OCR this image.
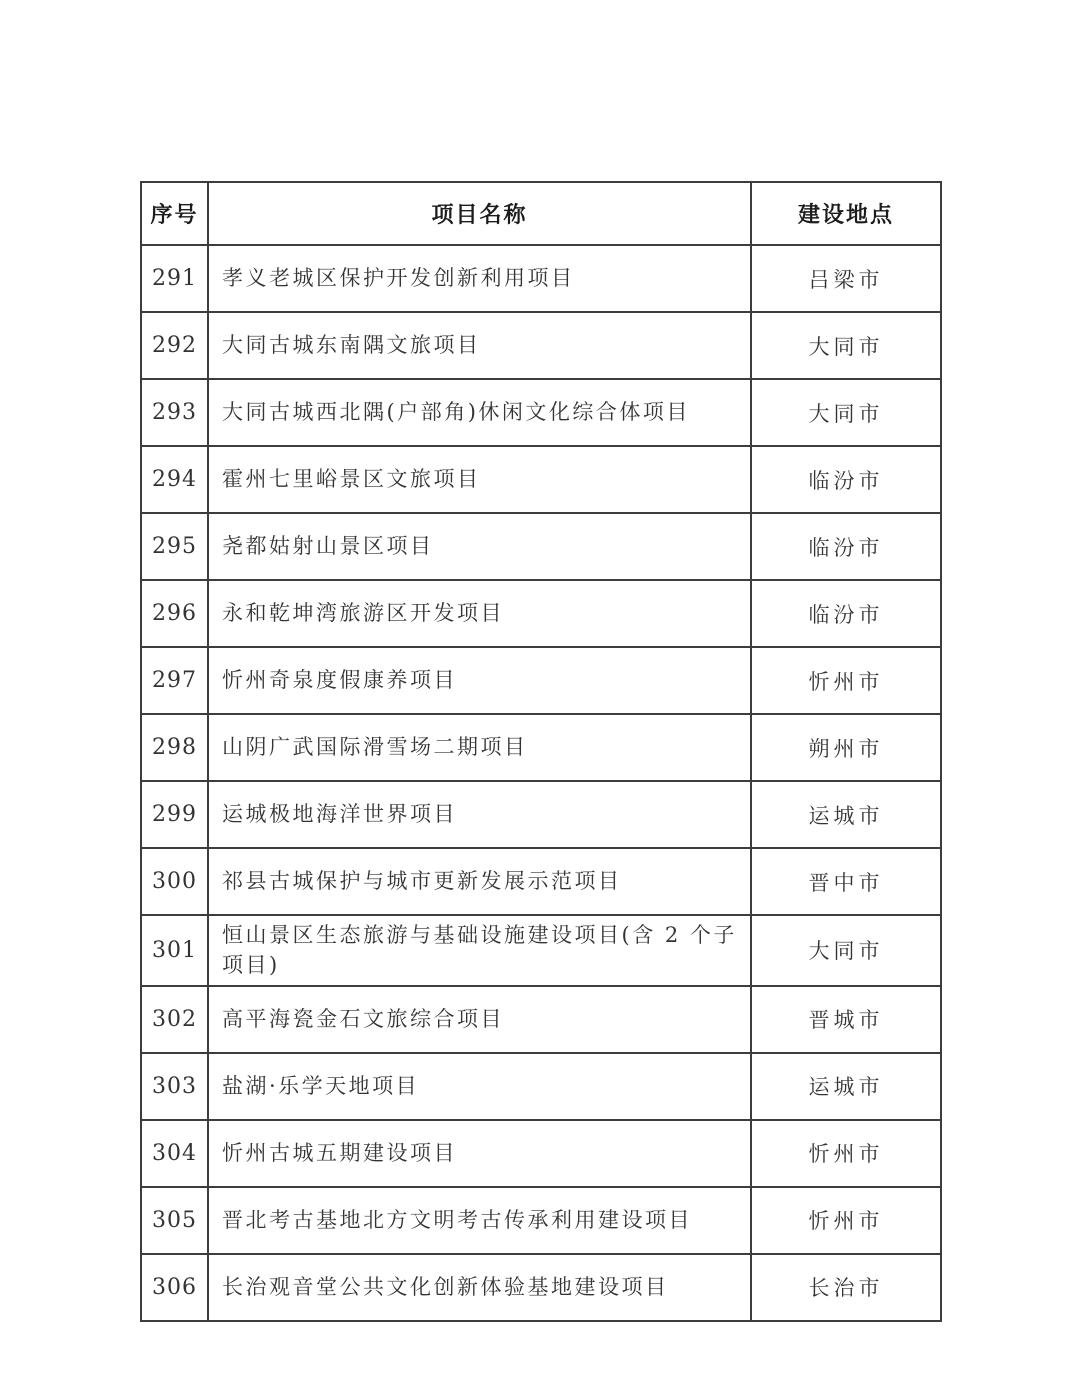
序号	项目名称	建设地点
291	孝义老城区保护开发创新利用项目	吕梁市
292	大同古城东南隅文旅项目	大同市
293	大同古城西北隅(户部角)休闲文化综合体项目	大同市
294	霍州七里峪景区文旅项目	临汾市
295	尧都姑射山景区项目	临汾市
296	永和乾坤湾旅游区开发项目	临汾市
297	忻州奇泉度假康养项目	忻州市
298	山阴广武国际滑雪场二期项目	朔州市
299	运城极地海洋世界项目	运城市
300	祁县古城保护与城市更新发展示范项目	晋中市
301	恒山景区生态旅游与基础设施建设项目(含 2 个子项目)	大同市
302	高平海瓷金石文旅综合项目	晋城市
303	盐湖·乐学天地项目	运城市
304	忻州古城五期建设项目	忻州市
305	晋北考古基地北方文明考古传承利用建设项目	忻州市
306	长治观音堂公共文化创新体验基地建设项目	长治市
